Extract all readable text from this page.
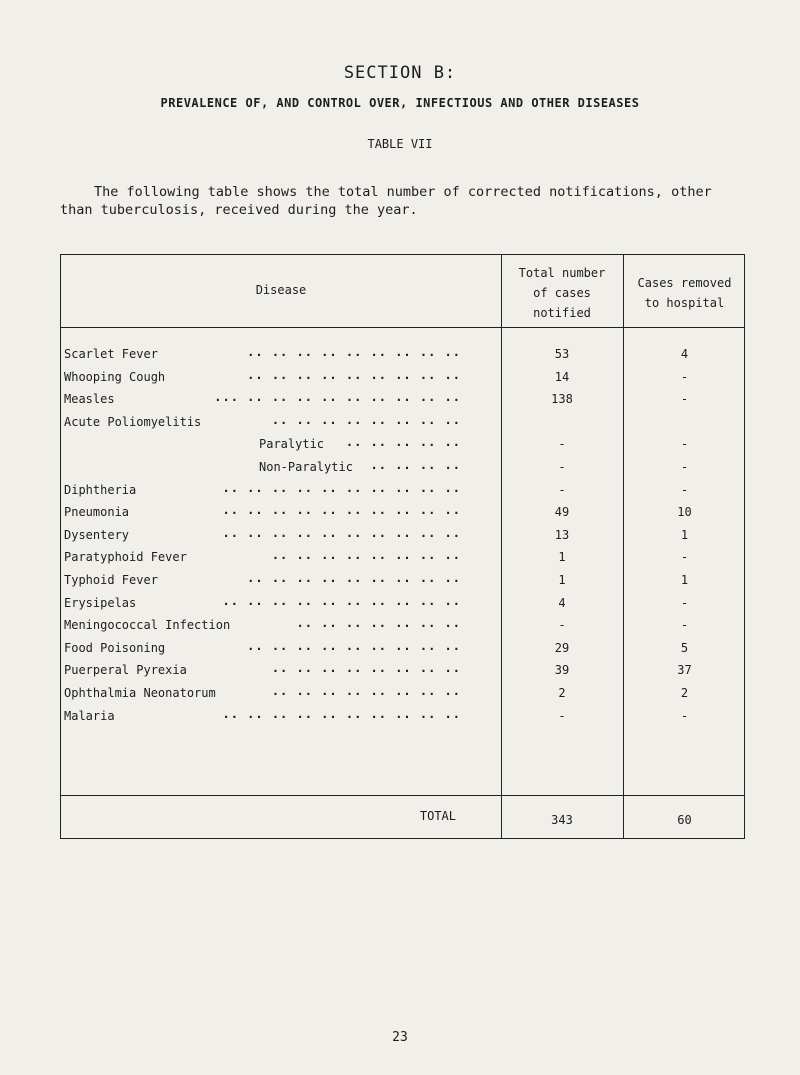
SECTION B:
PREVALENCE OF, AND CONTROL OVER, INFECTIOUS AND OTHER DISEASES
TABLE VII
The following table shows the total number of corrected notifications, other
than tuberculosis, received during the year.
Disease
Total number
of cases
notified
Cases removed
to hospital
Scarlet Fever	.. .. .. .. .. .. .. .. ..	53	4
Whooping Cough	.. .. .. .. .. .. .. .. ..	14	-
Measles	... .. .. .. .. .. .. .. .. ..	138	-
Acute Poliomyelitis	.. .. .. .. .. .. .. ..
Paralytic .. .. .. .. ..	-	-
Non-Paralytic .. .. .. ..	-	-
Diphtheria	.. .. .. .. .. .. .. .. .. ..	-	-
Pneumonia	.. .. .. .. .. .. .. .. .. ..	49	10
Dysentery	.. .. .. .. .. .. .. .. .. ..	13	1
Paratyphoid Fever	.. .. .. .. .. .. .. ..	1	-
Typhoid Fever	.. .. .. .. .. .. .. .. ..	1	1
Erysipelas	.. .. .. .. .. .. .. .. .. ..	4	-
Meningococcal Infection	.. .. .. .. .. .. ..	-	-
Food Poisoning	.. .. .. .. .. .. .. .. ..	29	5
Puerperal Pyrexia	.. .. .. .. .. .. .. ..	39	37
Ophthalmia Neonatorum	.. .. .. .. .. .. .. ..	2	2
Malaria	.. .. .. .. .. .. .. .. .. ..	-	-
TOTAL	343	60
23
